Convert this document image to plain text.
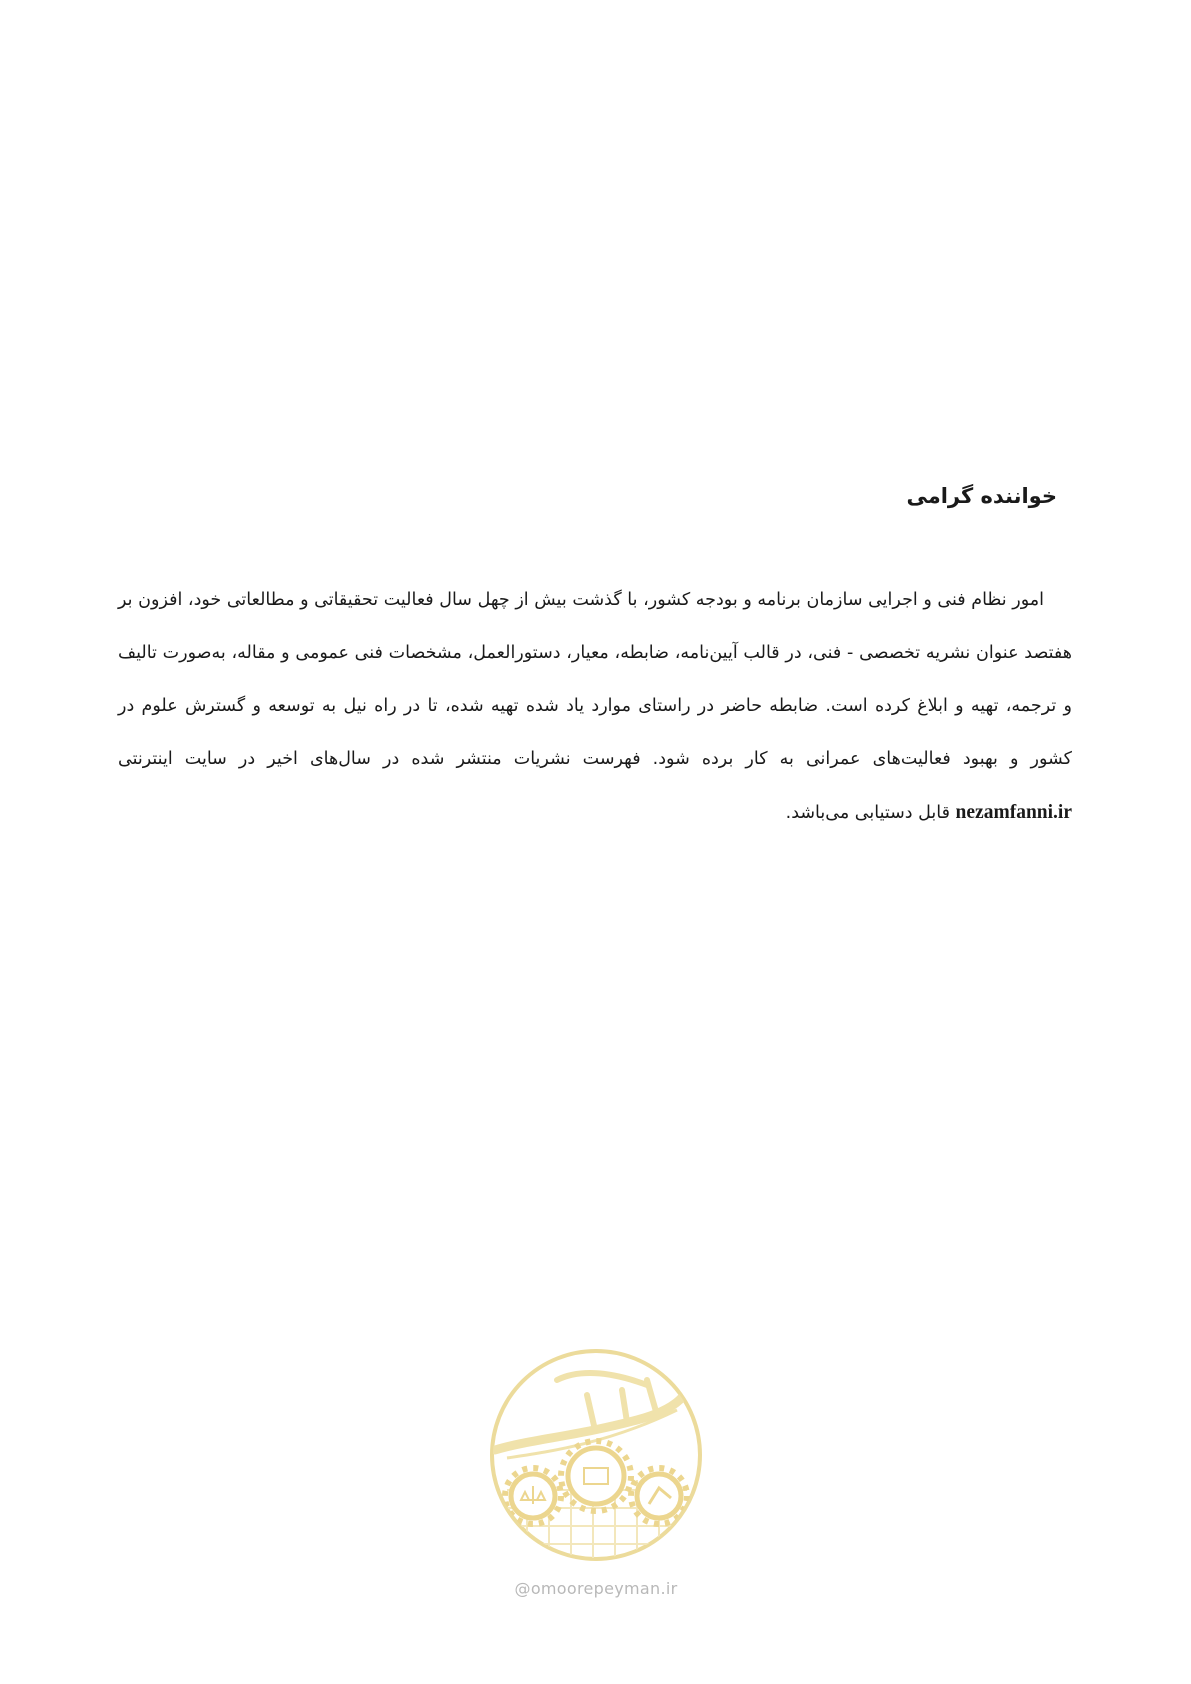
خواننده گرامی

امور نظام فنی و اجرایی سازمان برنامه و بودجه کشور، با گذشت بیش از چهل سال فعالیت تحقیقاتی و مطالعاتی خود، افزون بر هفتصد عنوان نشریه تخصصی - فنی، در قالب آیین‌نامه، ضابطه، معیار، دستورالعمل، مشخصات فنی عمومی و مقاله، به‌صورت تالیف و ترجمه، تهیه و ابلاغ کرده است. ضابطه حاضر در راستای موارد یاد شده تهیه شده، تا در راه نیل به توسعه و گسترش علوم در کشور و بهبود فعالیت‌های عمرانی به کار برده شود. فهرست نشریات منتشر شده در سال‌های اخیر در سایت اینترنتی nezamfanni.ir قابل دستیابی می‌باشد.

@omoorepeyman.ir
